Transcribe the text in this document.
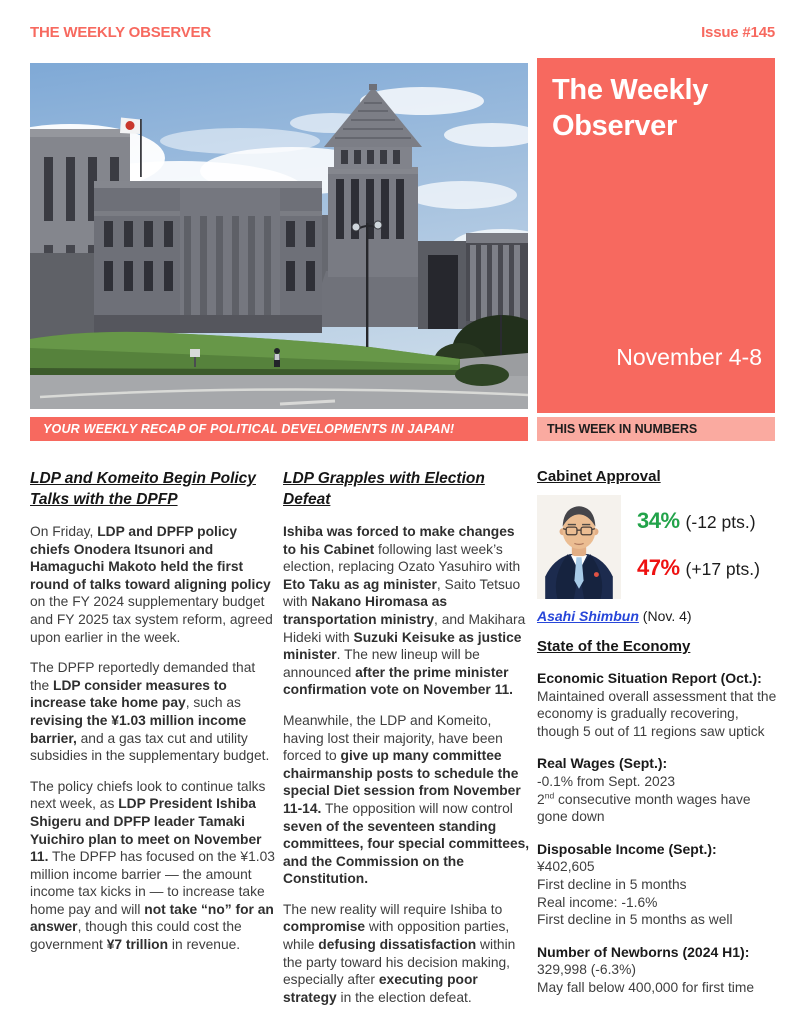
THE WEEKLY OBSERVER	Issue #145
The Weekly Observer
November 4-8
YOUR WEEKLY RECAP OF POLITICAL DEVELOPMENTS IN JAPAN!	THIS WEEK IN NUMBERS
LDP and Komeito Begin Policy Talks with the DPFP

On Friday, LDP and DPFP policy chiefs Onodera Itsunori and Hamaguchi Makoto held the first round of talks toward aligning policy on the FY 2024 supplementary budget and FY 2025 tax system reform, agreed upon earlier in the week.

The DPFP reportedly demanded that the LDP consider measures to increase take home pay, such as revising the ¥1.03 million income barrier, and a gas tax cut and utility subsidies in the supplementary budget.

The policy chiefs look to continue talks next week, as LDP President Ishiba Shigeru and DPFP leader Tamaki Yuichiro plan to meet on November 11. The DPFP has focused on the ¥1.03 million income barrier — the amount income tax kicks in — to increase take home pay and will not take “no” for an answer, though this could cost the government ¥7 trillion in revenue.

LDP Grapples with Election Defeat

Ishiba was forced to make changes to his Cabinet following last week’s election, replacing Ozato Yasuhiro with Eto Taku as ag minister, Saito Tetsuo with Nakano Hiromasa as transportation ministry, and Makihara Hideki with Suzuki Keisuke as justice minister. The new lineup will be announced after the prime minister confirmation vote on November 11.

Meanwhile, the LDP and Komeito, having lost their majority, have been forced to give up many committee chairmanship posts to schedule the special Diet session from November 11-14. The opposition will now control seven of the seventeen standing committees, four special committees, and the Commission on the Constitution.

The new reality will require Ishiba to compromise with opposition parties, while defusing dissatisfaction within the party toward his decision making, especially after executing poor strategy in the election defeat.

Cabinet Approval
34% (-12 pts.)
47% (+17 pts.)
Asahi Shimbun (Nov. 4)
State of the Economy
Economic Situation Report (Oct.):
Maintained overall assessment that the economy is gradually recovering, though 5 out of 11 regions saw uptick
Real Wages (Sept.):
-0.1% from Sept. 2023
2nd consecutive month wages have gone down
Disposable Income (Sept.):
¥402,605
First decline in 5 months
Real income: -1.6%
First decline in 5 months as well
Number of Newborns (2024 H1):
329,998 (-6.3%)
May fall below 400,000 for first time
